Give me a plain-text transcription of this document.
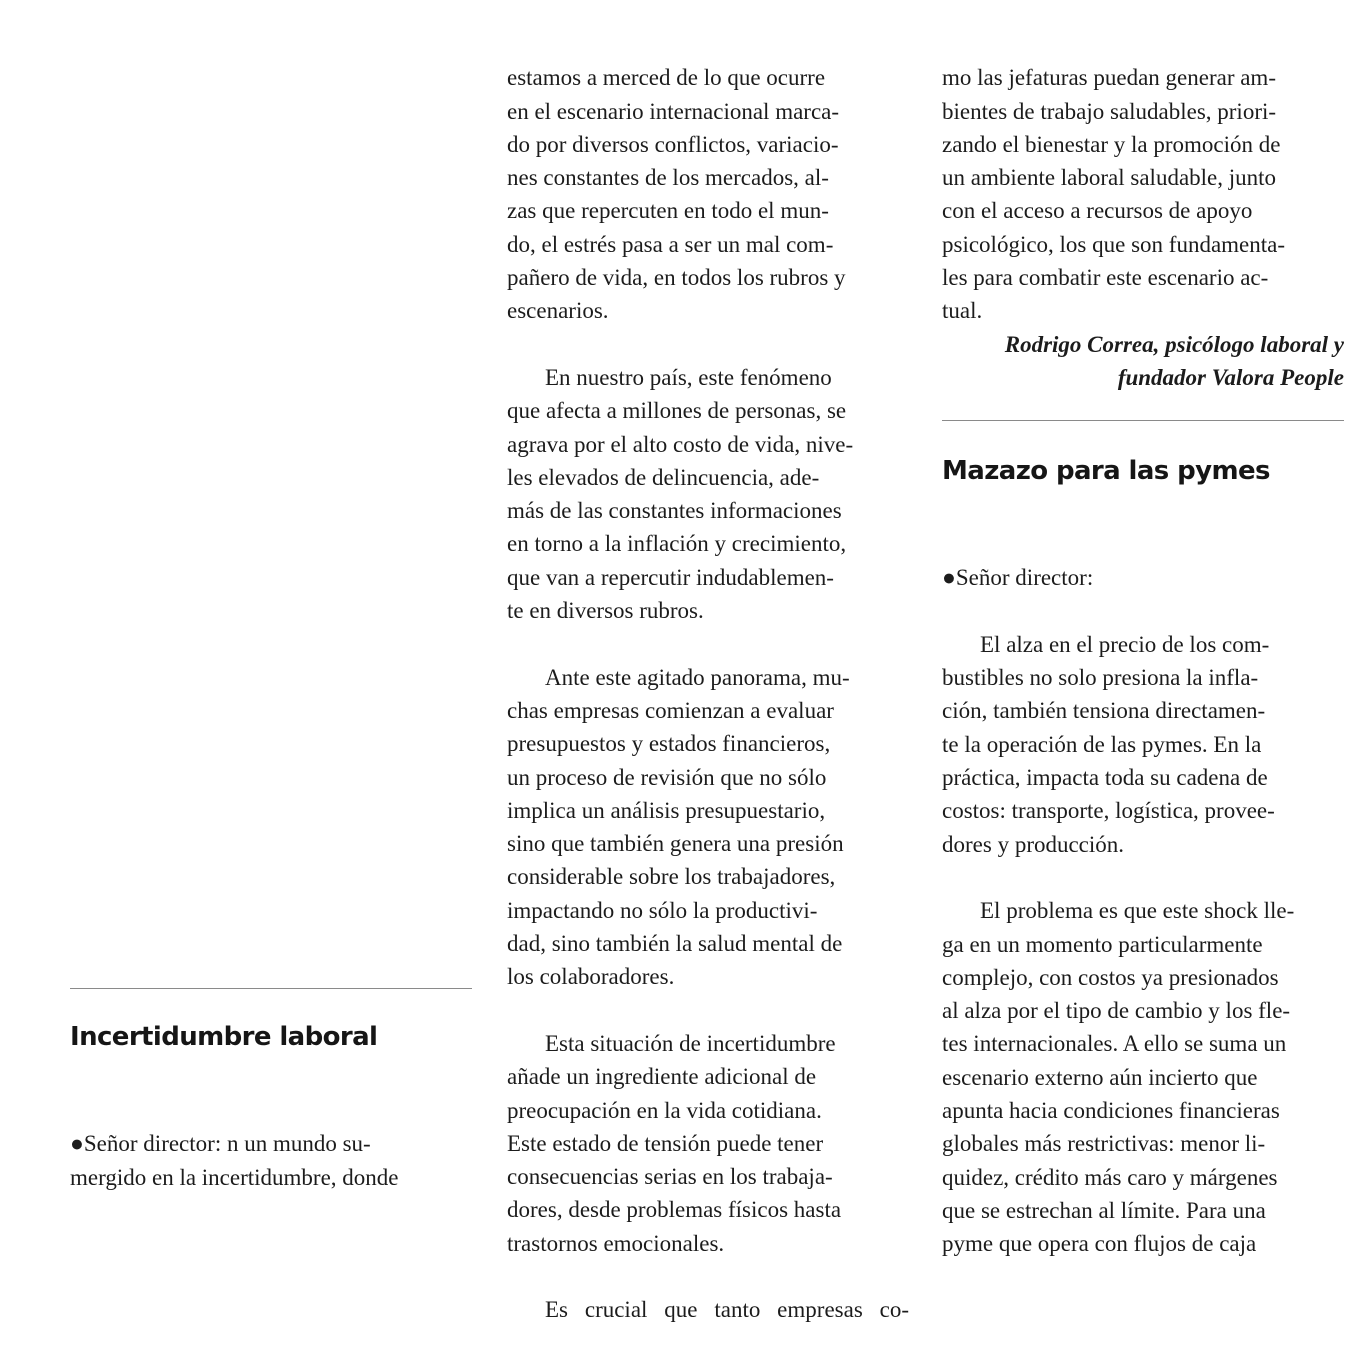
Incertidumbre laboral

●Señor director: n un mundo su-
mergido en la incertidumbre, donde

estamos a merced de lo que ocurre
en el escenario internacional marca-
do por diversos conflictos, variacio-
nes constantes de los mercados, al-
zas que repercuten en todo el mun-
do, el estrés pasa a ser un mal com-
pañero de vida, en todos los rubros y
escenarios.

En nuestro país, este fenómeno
que afecta a millones de personas, se
agrava por el alto costo de vida, nive-
les elevados de delincuencia, ade-
más de las constantes informaciones
en torno a la inflación y crecimiento,
que van a repercutir indudablemen-
te en diversos rubros.

Ante este agitado panorama, mu-
chas empresas comienzan a evaluar
presupuestos y estados financieros,
un proceso de revisión que no sólo
implica un análisis presupuestario,
sino que también genera una presión
considerable sobre los trabajadores,
impactando no sólo la productivi-
dad, sino también la salud mental de
los colaboradores.

Esta situación de incertidumbre
añade un ingrediente adicional de
preocupación en la vida cotidiana.
Este estado de tensión puede tener
consecuencias serias en los trabaja-
dores, desde problemas físicos hasta
trastornos emocionales.

Es crucial que tanto empresas co-

mo las jefaturas puedan generar am-
bientes de trabajo saludables, priori-
zando el bienestar y la promoción de
un ambiente laboral saludable, junto
con el acceso a recursos de apoyo
psicológico, los que son fundamenta-
les para combatir este escenario ac-
tual.

Rodrigo Correa, psicólogo laboral y
fundador Valora People
Mazazo para las pymes

●Señor director:

El alza en el precio de los com-
bustibles no solo presiona la infla-
ción, también tensiona directamen-
te la operación de las pymes. En la
práctica, impacta toda su cadena de
costos: transporte, logística, provee-
dores y producción.

El problema es que este shock lle-
ga en un momento particularmente
complejo, con costos ya presionados
al alza por el tipo de cambio y los fle-
tes internacionales. A ello se suma un
escenario externo aún incierto que
apunta hacia condiciones financieras
globales más restrictivas: menor li-
quidez, crédito más caro y márgenes
que se estrechan al límite. Para una
pyme que opera con flujos de caja
